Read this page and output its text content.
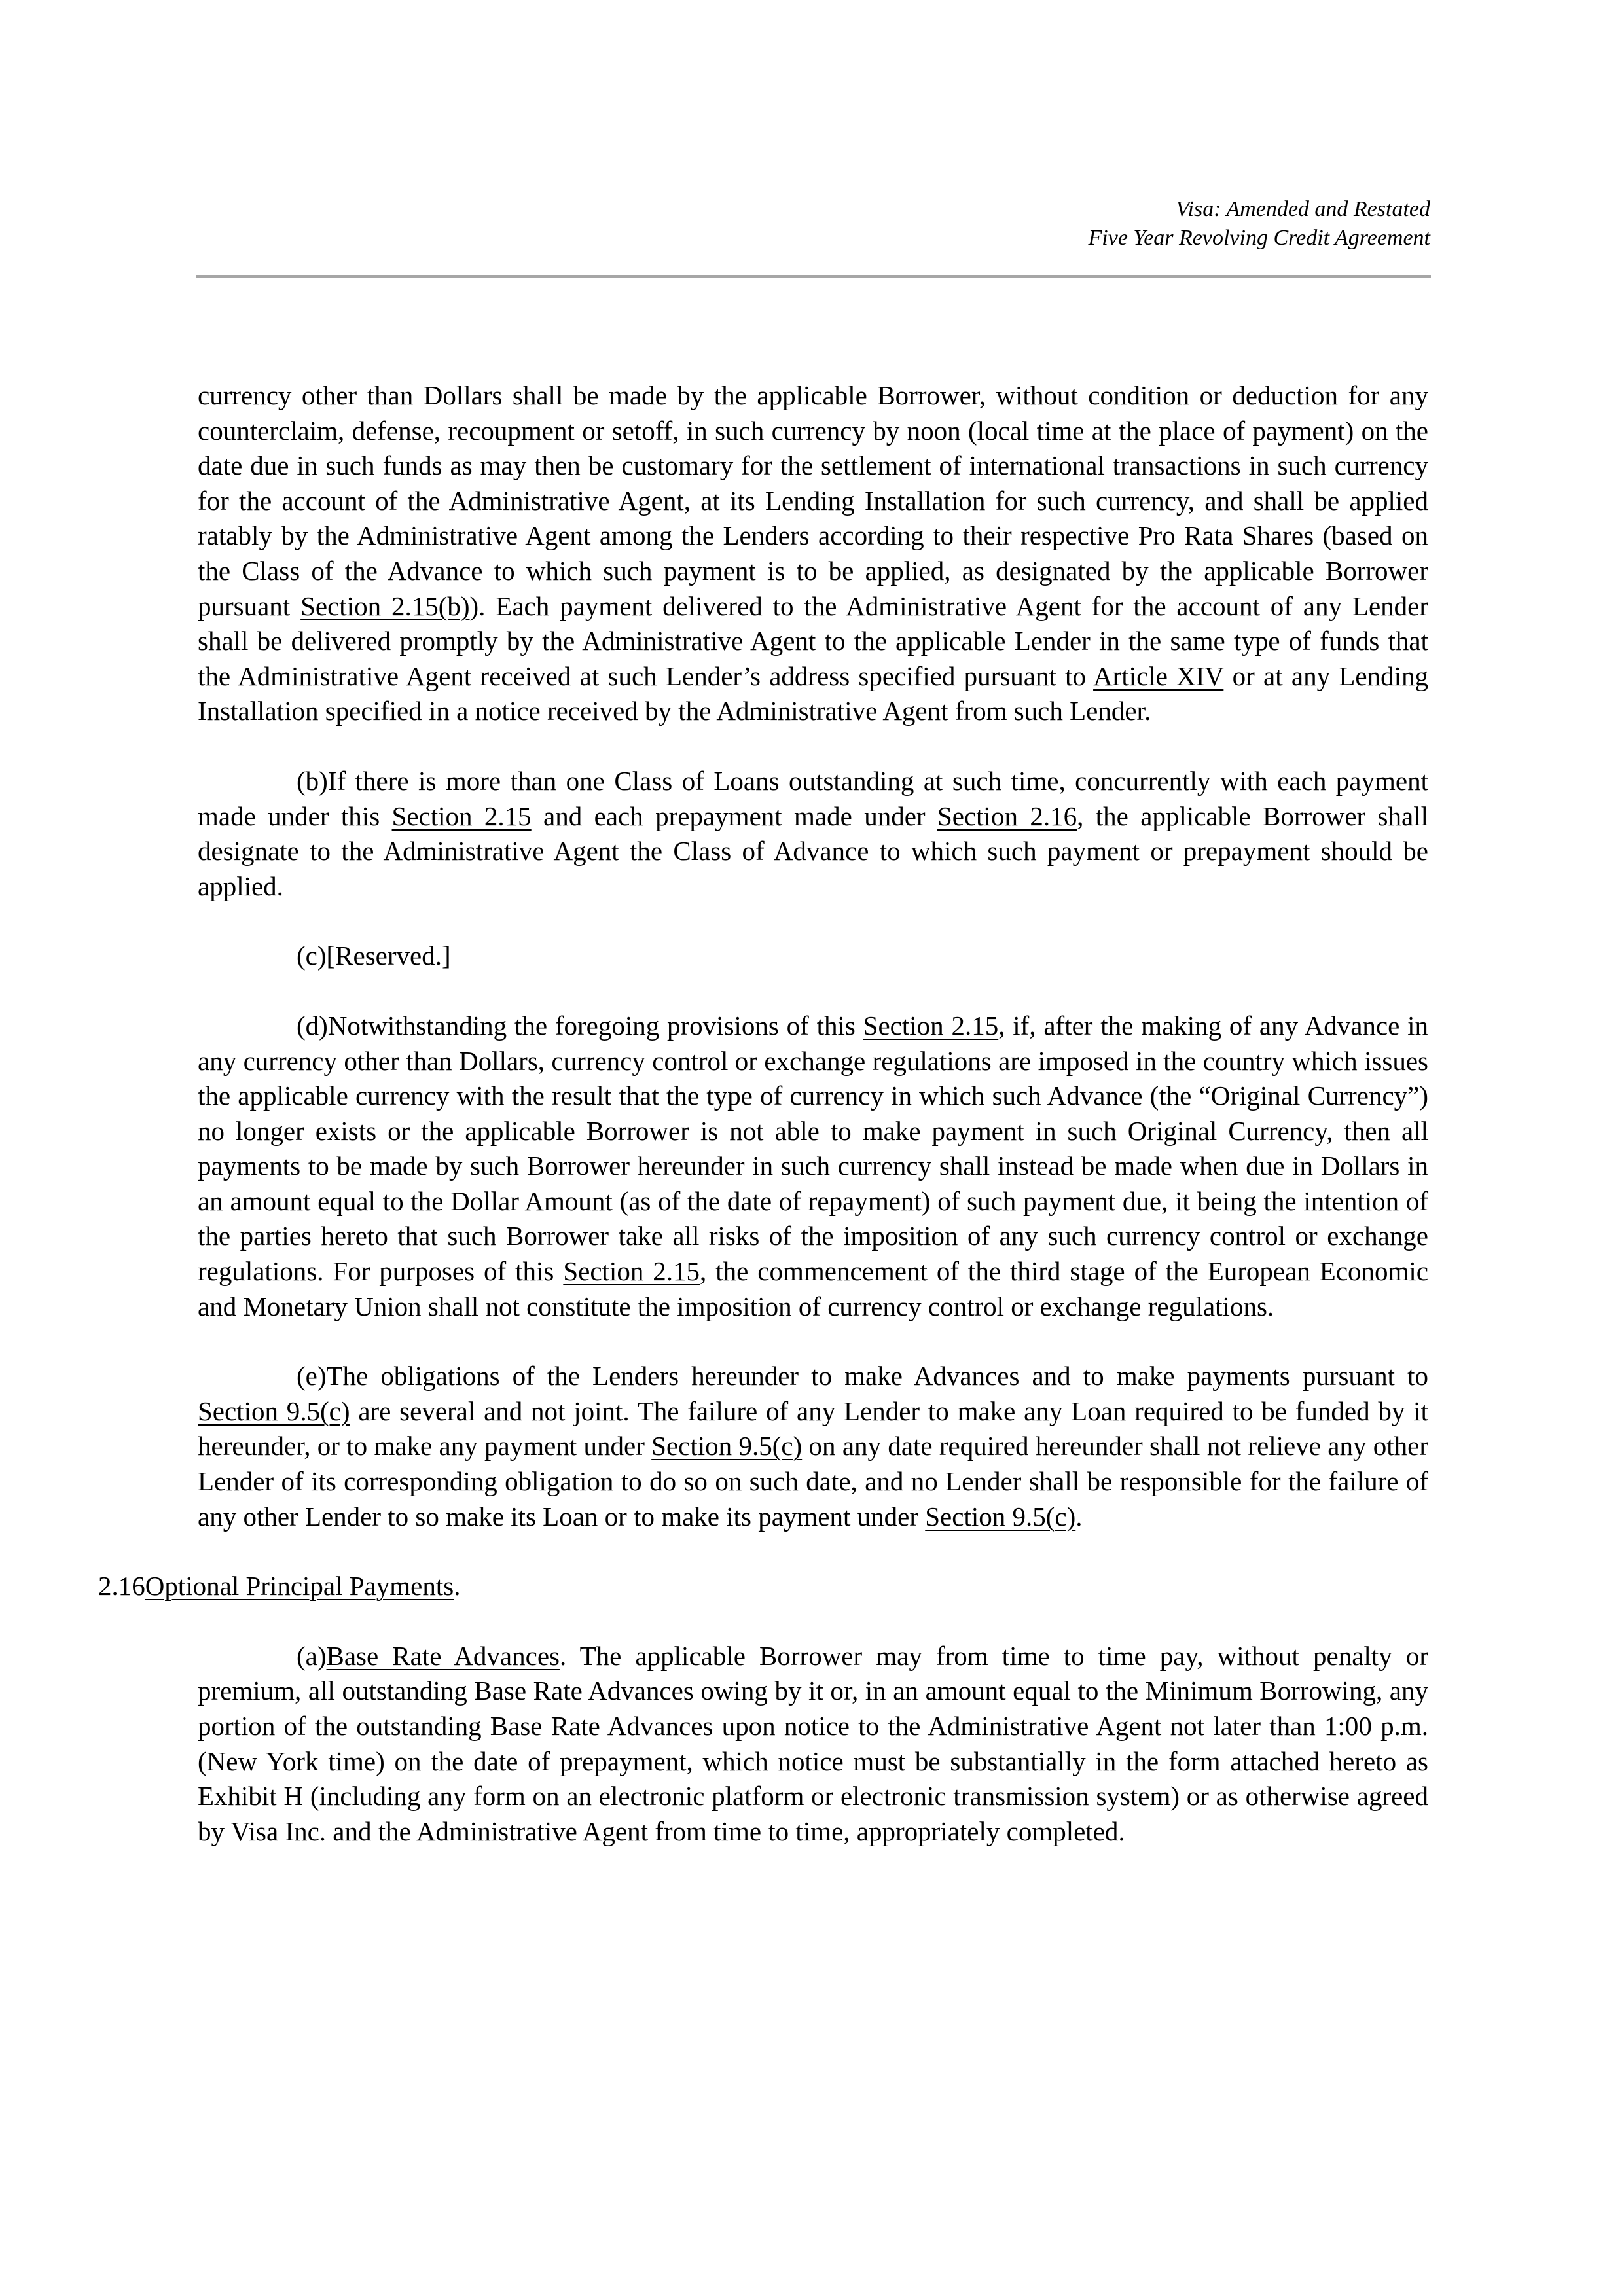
Visa: Amended and Restated
Five Year Revolving Credit Agreement

currency other than Dollars shall be made by the applicable Borrower, without condition or deduction for any counterclaim, defense, recoupment or setoff, in such currency by noon (local time at the place of payment) on the date due in such funds as may then be customary for the settlement of international transactions in such currency for the account of the Administrative Agent, at its Lending Installation for such currency, and shall be applied ratably by the Administrative Agent among the Lenders according to their respective Pro Rata Shares (based on the Class of the Advance to which such payment is to be applied, as designated by the applicable Borrower pursuant Section 2.15(b)). Each payment delivered to the Administrative Agent for the account of any Lender shall be delivered promptly by the Administrative Agent to the applicable Lender in the same type of funds that the Administrative Agent received at such Lender’s address specified pursuant to Article XIV or at any Lending Installation specified in a notice received by the Administrative Agent from such Lender.

(b)If there is more than one Class of Loans outstanding at such time, concurrently with each payment made under this Section 2.15 and each prepayment made under Section 2.16, the applicable Borrower shall designate to the Administrative Agent the Class of Advance to which such payment or prepayment should be applied.

(c)[Reserved.]

(d)Notwithstanding the foregoing provisions of this Section 2.15, if, after the making of any Advance in any currency other than Dollars, currency control or exchange regulations are imposed in the country which issues the applicable currency with the result that the type of currency in which such Advance (the “Original Currency”) no longer exists or the applicable Borrower is not able to make payment in such Original Currency, then all payments to be made by such Borrower hereunder in such currency shall instead be made when due in Dollars in an amount equal to the Dollar Amount (as of the date of repayment) of such payment due, it being the intention of the parties hereto that such Borrower take all risks of the imposition of any such currency control or exchange regulations. For purposes of this Section 2.15, the commencement of the third stage of the European Economic and Monetary Union shall not constitute the imposition of currency control or exchange regulations.

(e)The obligations of the Lenders hereunder to make Advances and to make payments pursuant to Section 9.5(c) are several and not joint. The failure of any Lender to make any Loan required to be funded by it hereunder, or to make any payment under Section 9.5(c) on any date required hereunder shall not relieve any other Lender of its corresponding obligation to do so on such date, and no Lender shall be responsible for the failure of any other Lender to so make its Loan or to make its payment under Section 9.5(c).

2.16Optional Principal Payments.

(a)Base Rate Advances. The applicable Borrower may from time to time pay, without penalty or premium, all outstanding Base Rate Advances owing by it or, in an amount equal to the Minimum Borrowing, any portion of the outstanding Base Rate Advances upon notice to the Administrative Agent not later than 1:00 p.m. (New York time) on the date of prepayment, which notice must be substantially in the form attached hereto as Exhibit H (including any form on an electronic platform or electronic transmission system) or as otherwise agreed by Visa Inc. and the Administrative Agent from time to time, appropriately completed.
